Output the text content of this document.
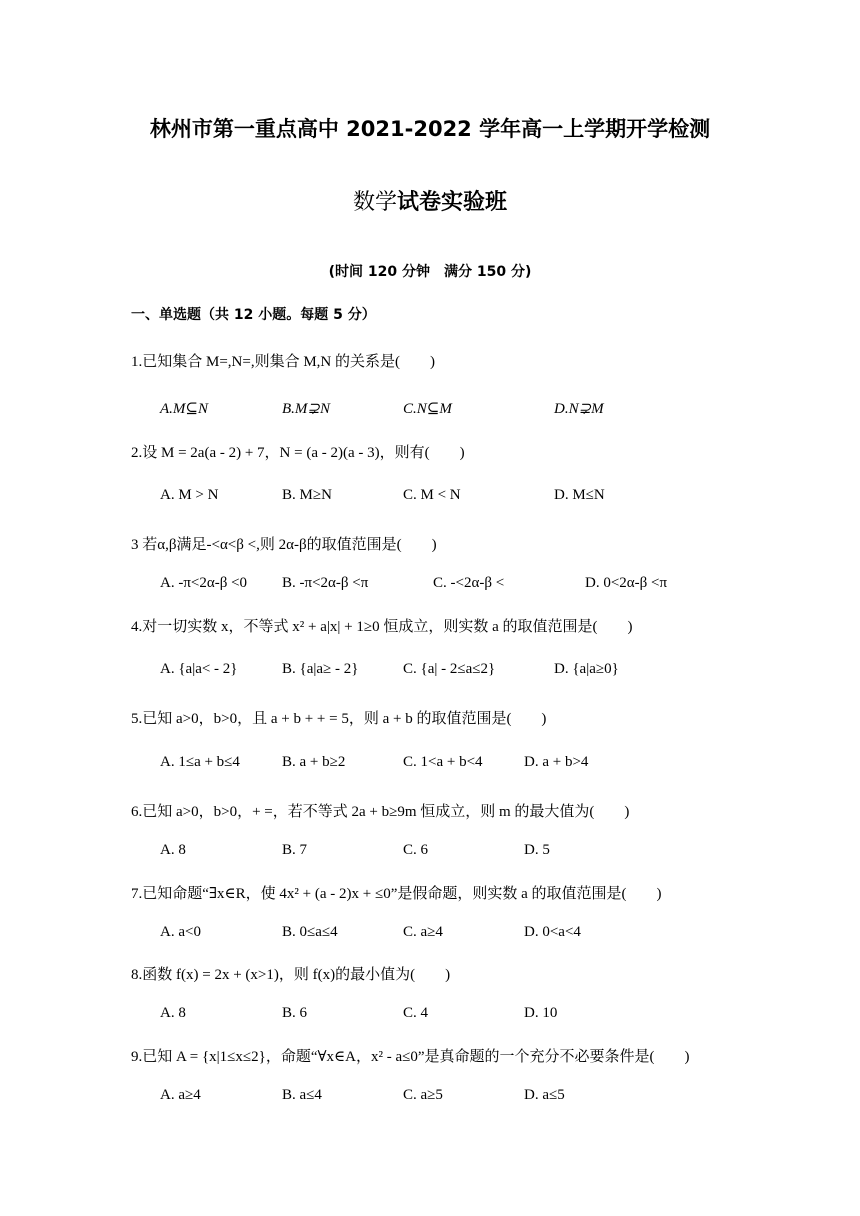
林州市第一重点高中 2021-2022 学年高一上学期开学检测
数学试卷实验班
(时间 120 分钟　满分 150 分)
一、单选题（共 12 小题。每题 5 分）
1.已知集合 M=,N=,则集合 M,N 的关系是(　　)
A.M⊆N	B.M⊋N	C.N⊆M	D.N⊋M
2.设 M = 2a(a - 2) + 7，N = (a - 2)(a - 3)，则有(　　)
A. M > N	B. M≥N	C. M < N	D. M≤N
3 若α,β满足-<α<β <,则 2α-β的取值范围是(　　)
A. -π<2α-β <0 B. -π<2α-β <π	C. -<2α-β <	D. 0<2α-β <π
4.对一切实数 x，不等式 x² + a|x| + 1≥0 恒成立，则实数 a 的取值范围是(　　)
A. {a|a< - 2}	B. {a|a≥ - 2}	C. {a| - 2≤a≤2}	D. {a|a≥0}
5.已知 a>0，b>0，且 a + b + + = 5，则 a + b 的取值范围是(　　)
A. 1≤a + b≤4	B. a + b≥2	C. 1<a + b<4	D. a + b>4
6.已知 a>0，b>0，+ =，若不等式 2a + b≥9m 恒成立，则 m 的最大值为(　　)
A. 8	B. 7	C. 6	D. 5
7.已知命题“∃x∈R，使 4x² + (a - 2)x + ≤0”是假命题，则实数 a 的取值范围是(　　)
A. a<0	B. 0≤a≤4	C. a≥4	D. 0<a<4
8.函数 f(x) = 2x + (x>1)，则 f(x)的最小值为(　　)
A. 8	B. 6	C. 4	D. 10
9.已知 A = {x|1≤x≤2}，命题“∀x∈A，x² - a≤0”是真命题的一个充分不必要条件是(　　)
A. a≥4	B. a≤4	C. a≥5	D. a≤5
